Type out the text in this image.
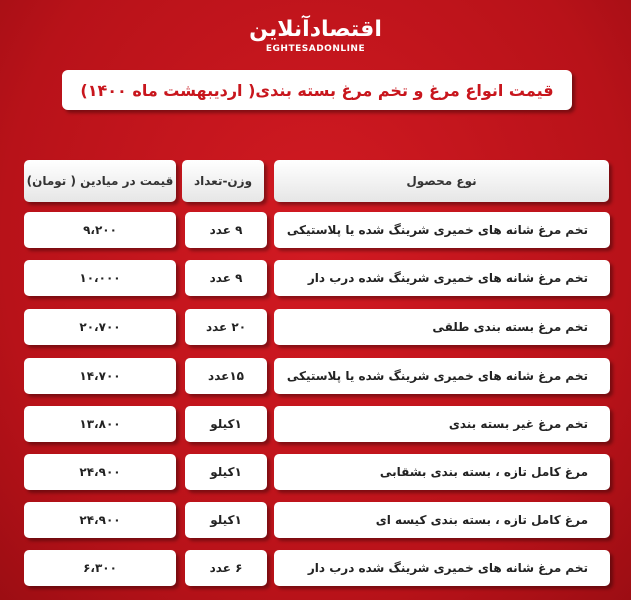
اقتصادآنلاین
EGHTESADONLINE
قیمت انواع مرغ و تخم مرغ بسته بندی( اردیبهشت ماه ۱۴۰۰)
نوع محصول
وزن-تعداد
قیمت در میادین ( تومان)
تخم مرغ شانه های خمیری شرینگ شده یا پلاستیکی
۹ عدد
۹،۲۰۰
تخم مرغ شانه های خمیری شرینگ شده درب دار
۹ عدد
۱۰،۰۰۰
تخم مرغ بسته بندی طلقی
۲۰ عدد
۲۰،۷۰۰
تخم مرغ شانه های خمیری شرینگ شده یا پلاستیکی
۱۵عدد
۱۴،۷۰۰
تخم مرغ غیر بسته بندی
۱کیلو
۱۳،۸۰۰
مرغ کامل تازه ، بسته بندی بشقابی
۱کیلو
۲۴،۹۰۰
مرغ کامل تازه ، بسته بندی کیسه ای
۱کیلو
۲۴،۹۰۰
تخم مرغ شانه های خمیری شرینگ شده درب دار
۶ عدد
۶،۳۰۰
